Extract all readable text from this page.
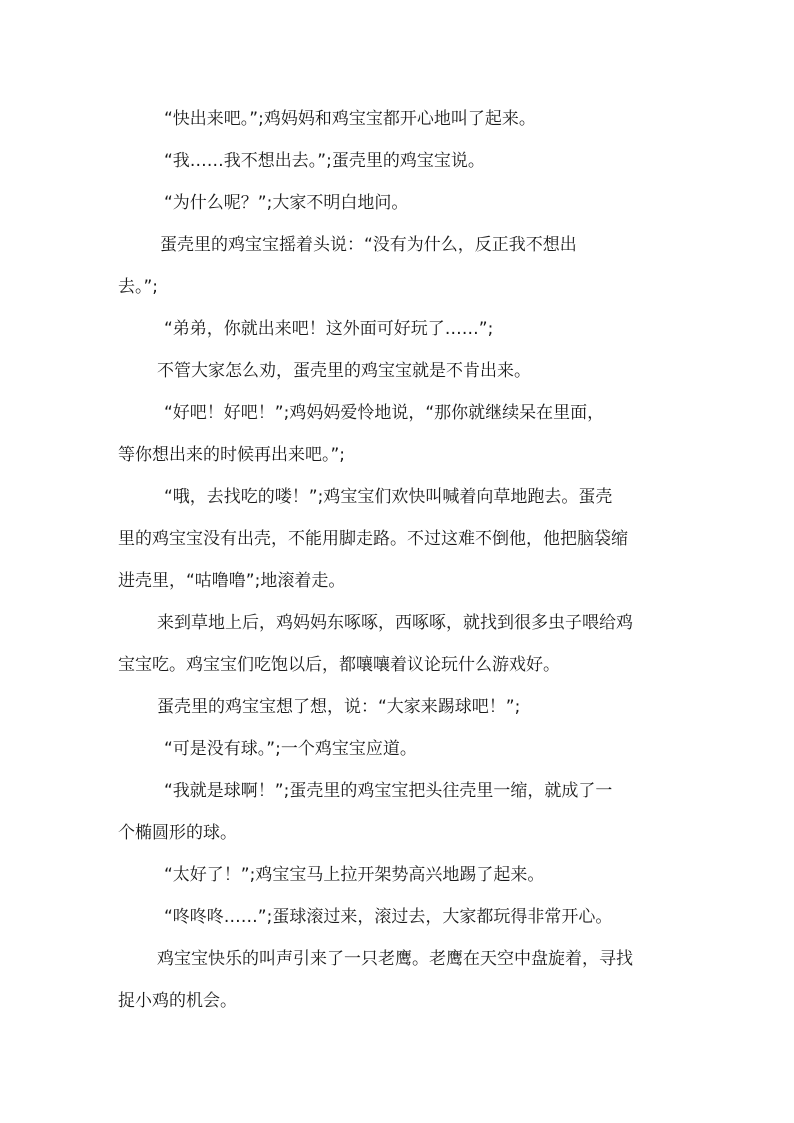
“快出来吧。”;鸡妈妈和鸡宝宝都开心地叫了起来。
“我……我不想出去。”;蛋壳里的鸡宝宝说。
“为什么呢？”;大家不明白地问。
蛋壳里的鸡宝宝摇着头说：“没有为什么，反正我不想出
去。”;
“弟弟，你就出来吧！这外面可好玩了……”;
不管大家怎么劝，蛋壳里的鸡宝宝就是不肯出来。
“好吧！好吧！”;鸡妈妈爱怜地说，“那你就继续呆在里面，
等你想出来的时候再出来吧。”;
“哦，去找吃的喽！”;鸡宝宝们欢快叫喊着向草地跑去。蛋壳
里的鸡宝宝没有出壳，不能用脚走路。不过这难不倒他，他把脑袋缩
进壳里，“咕噜噜”;地滚着走。
来到草地上后，鸡妈妈东啄啄，西啄啄，就找到很多虫子喂给鸡
宝宝吃。鸡宝宝们吃饱以后，都嚷嚷着议论玩什么游戏好。
蛋壳里的鸡宝宝想了想，说：“大家来踢球吧！”;
“可是没有球。”;一个鸡宝宝应道。
“我就是球啊！”;蛋壳里的鸡宝宝把头往壳里一缩，就成了一
个椭圆形的球。
“太好了！”;鸡宝宝马上拉开架势高兴地踢了起来。
“咚咚咚……”;蛋球滚过来，滚过去，大家都玩得非常开心。
鸡宝宝快乐的叫声引来了一只老鹰。老鹰在天空中盘旋着，寻找
捉小鸡的机会。
